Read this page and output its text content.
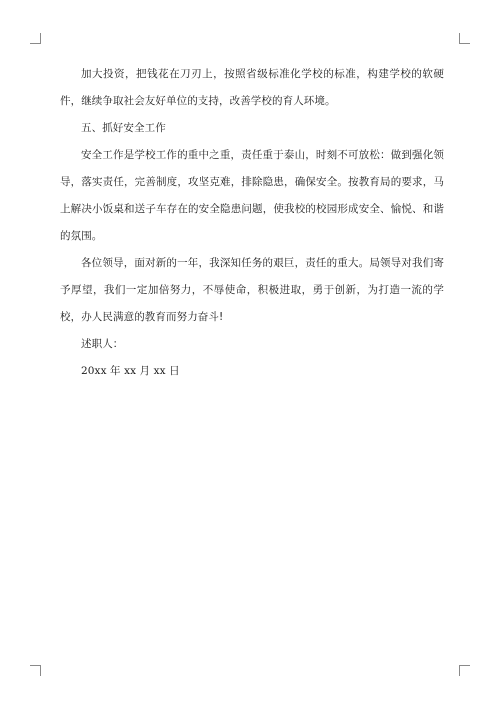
加大投资，把钱花在刀刃上，按照省级标准化学校的标准，构建学校的软硬件，继续争取社会友好单位的支持，改善学校的育人环境。

五、抓好安全工作

安全工作是学校工作的重中之重，责任重于泰山，时刻不可放松：做到强化领导，落实责任，完善制度，攻坚克难，排除隐患，确保安全。按教育局的要求，马上解决小饭桌和送子车存在的安全隐患问题，使我校的校园形成安全、愉悦、和谐的氛围。

各位领导，面对新的一年，我深知任务的艰巨，责任的重大。局领导对我们寄予厚望，我们一定加倍努力，不辱使命，积极进取，勇于创新，为打造一流的学校，办人民满意的教育而努力奋斗!

述职人：

20xx 年 xx 月 xx 日
